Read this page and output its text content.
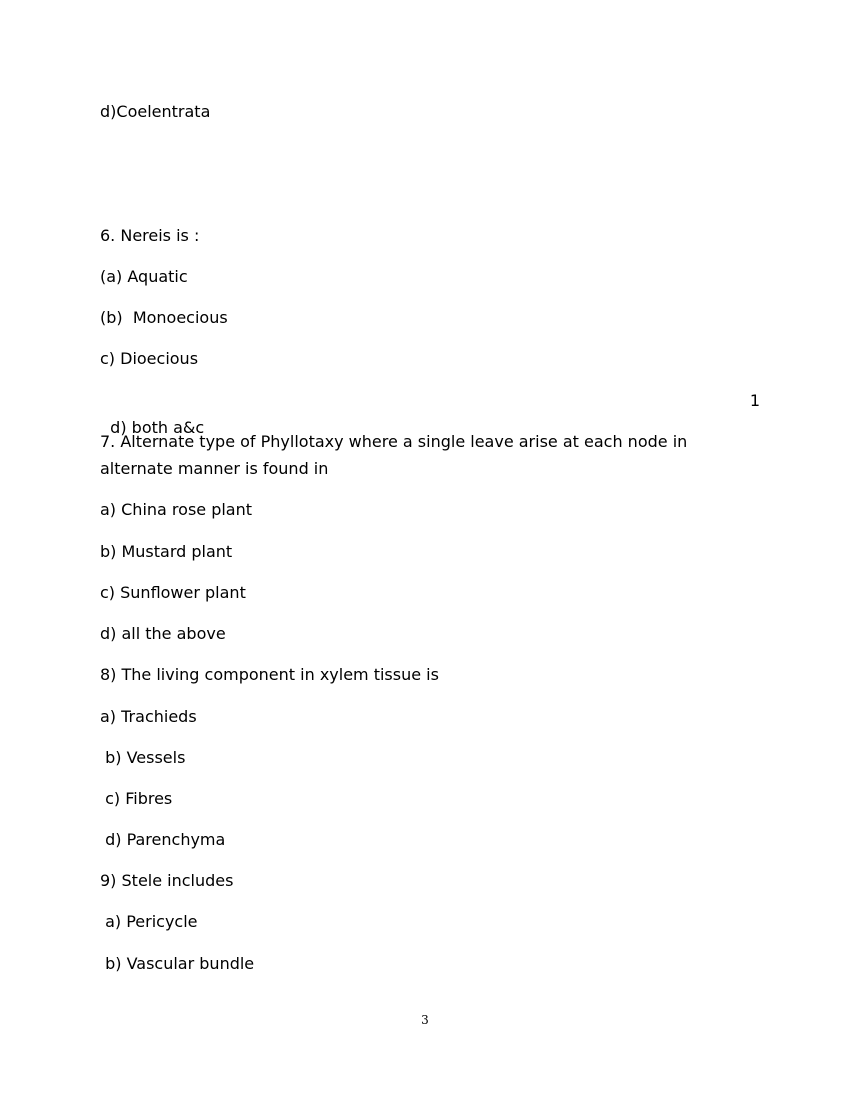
d)Coelentrata

6. Nereis is :

(a) Aquatic

(b)  Monoecious

c) Dioecious

d) both a&c

1

7. Alternate type of Phyllotaxy where a single leave arise at each node in alternate manner is found in

a) China rose plant

b) Mustard plant

c) Sunflower plant

d) all the above

8) The living component in xylem tissue is

a) Trachieds

b) Vessels

c) Fibres

d) Parenchyma

9) Stele includes

a) Pericycle

b) Vascular bundle

3
